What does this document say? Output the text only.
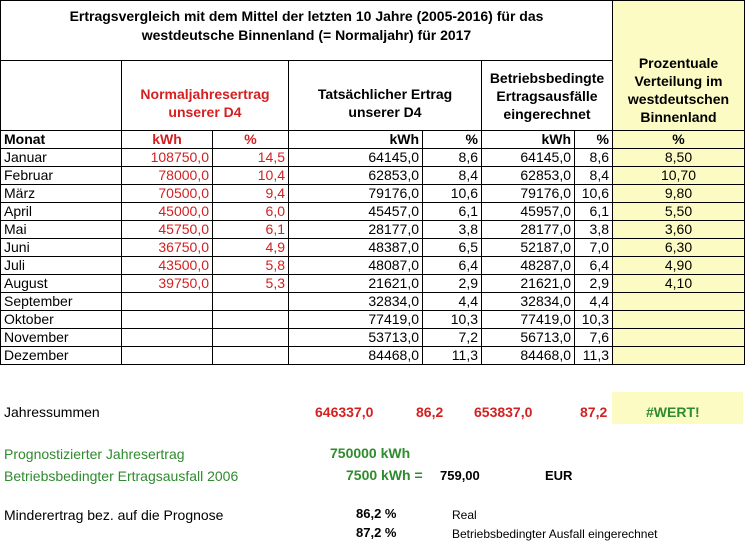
Ertragsvergleich mit dem Mittel der letzten 10 Jahre (2005-2016) für das
westdeutsche Binnenland (= Normaljahr) für 2017							Prozentuale Verteilung im westdeutschen Binnenland
	Normaljahresertrag unserer D4		Tatsächlicher Ertrag unserer D4		Betriebsbedingte Ertragsausfälle eingerechnet		
Monat	kWh	%	kWh	%	kWh	%	%
Januar	108750,0	14,5	64145,0	8,6	64145,0	8,6	8,50
Februar	78000,0	10,4	62853,0	8,4	62853,0	8,4	10,70
März	70500,0	9,4	79176,0	10,6	79176,0	10,6	9,80
April	45000,0	6,0	45457,0	6,1	45957,0	6,1	5,50
Mai	45750,0	6,1	28177,0	3,8	28177,0	3,8	3,60
Juni	36750,0	4,9	48387,0	6,5	52187,0	7,0	6,30
Juli	43500,0	5,8	48087,0	6,4	48287,0	6,4	4,90
August	39750,0	5,3	21621,0	2,9	21621,0	2,9	4,10
September			32834,0	4,4	32834,0	4,4	
Oktober			77419,0	10,3	77419,0	10,3	
November			53713,0	7,2	56713,0	7,6	
Dezember			84468,0	11,3	84468,0	11,3	
Jahressummen	646337,0	86,2 653837,0	87,2	#WERT!
Prognostizierter Jahresertrag	750000 kWh
Betriebsbedingter Ertragsausfall 2006	7500 kWh = 759,00	EUR
Minderertrag bez. auf die Prognose	86,2 %	Real
87,2 %	Betriebsbedingter Ausfall eingerechnet
